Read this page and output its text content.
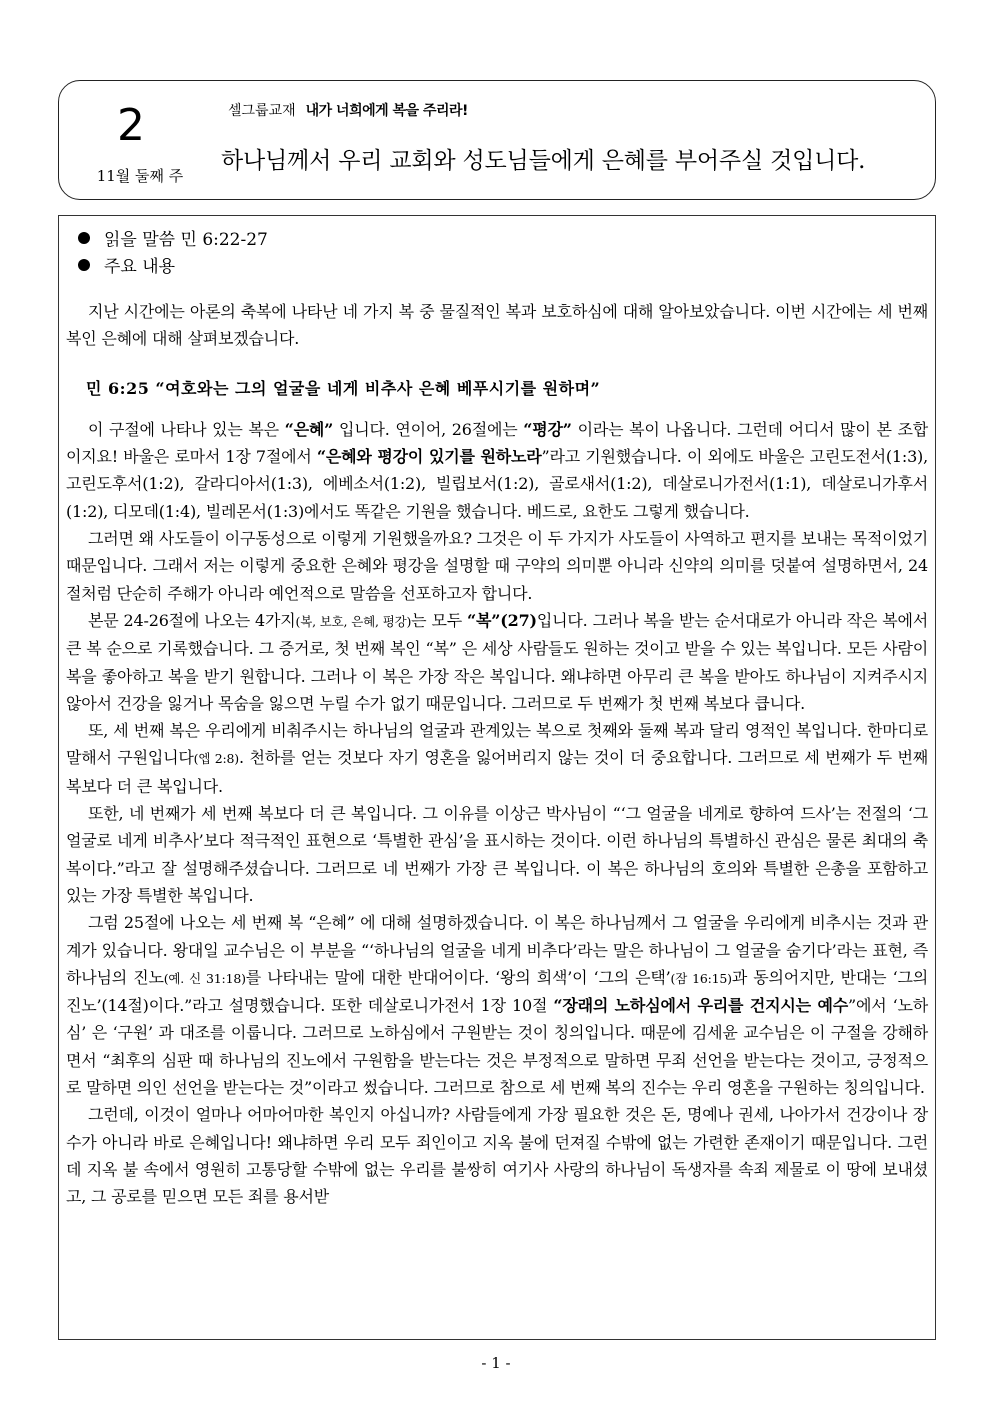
2
11월 둘째 주
셀그룹교재 내가 너희에게 복을 주리라!
하나님께서 우리 교회와 성도님들에게 은혜를 부어주실 것입니다.
읽을 말씀 민 6:22-27
주요 내용

지난 시간에는 아론의 축복에 나타난 네 가지 복 중 물질적인 복과 보호하심에 대해 알아보았습니다. 이번 시간에는 세 번째 복인 은혜에 대해 살펴보겠습니다.

민 6:25 “여호와는 그의 얼굴을 네게 비추사 은혜 베푸시기를 원하며”

이 구절에 나타나 있는 복은 “은혜” 입니다. 연이어, 26절에는 “평강” 이라는 복이 나옵니다. 그런데 어디서 많이 본 조합이지요! 바울은 로마서 1장 7절에서 “은혜와 평강이 있기를 원하노라”라고 기원했습니다. 이 외에도 바울은 고린도전서(1:3), 고린도후서(1:2), 갈라디아서(1:3), 에베소서(1:2), 빌립보서(1:2), 골로새서(1:2), 데살로니가전서(1:1), 데살로니가후서(1:2), 디모데(1:4), 빌레몬서(1:3)에서도 똑같은 기원을 했습니다. 베드로, 요한도 그렇게 했습니다.

그러면 왜 사도들이 이구동성으로 이렇게 기원했을까요? 그것은 이 두 가지가 사도들이 사역하고 편지를 보내는 목적이었기 때문입니다. 그래서 저는 이렇게 중요한 은혜와 평강을 설명할 때 구약의 의미뿐 아니라 신약의 의미를 덧붙여 설명하면서, 24절처럼 단순히 주해가 아니라 예언적으로 말씀을 선포하고자 합니다.

본문 24-26절에 나오는 4가지(복, 보호, 은혜, 평강)는 모두 “복”(27)입니다. 그러나 복을 받는 순서대로가 아니라 작은 복에서 큰 복 순으로 기록했습니다. 그 증거로, 첫 번째 복인 “복” 은 세상 사람들도 원하는 것이고 받을 수 있는 복입니다. 모든 사람이 복을 좋아하고 복을 받기 원합니다. 그러나 이 복은 가장 작은 복입니다. 왜냐하면 아무리 큰 복을 받아도 하나님이 지켜주시지 않아서 건강을 잃거나 목숨을 잃으면 누릴 수가 없기 때문입니다. 그러므로 두 번째가 첫 번째 복보다 큽니다.

또, 세 번째 복은 우리에게 비춰주시는 하나님의 얼굴과 관계있는 복으로 첫째와 둘째 복과 달리 영적인 복입니다. 한마디로 말해서 구원입니다(엡 2:8). 천하를 얻는 것보다 자기 영혼을 잃어버리지 않는 것이 더 중요합니다. 그러므로 세 번째가 두 번째 복보다 더 큰 복입니다.

또한, 네 번째가 세 번째 복보다 더 큰 복입니다. 그 이유를 이상근 박사님이 “‘그 얼굴을 네게로 향하여 드사’는 전절의 ‘그 얼굴로 네게 비추사’보다 적극적인 표현으로 ‘특별한 관심’을 표시하는 것이다. 이런 하나님의 특별하신 관심은 물론 최대의 축복이다.”라고 잘 설명해주셨습니다. 그러므로 네 번째가 가장 큰 복입니다. 이 복은 하나님의 호의와 특별한 은총을 포함하고 있는 가장 특별한 복입니다.

그럼 25절에 나오는 세 번째 복 “은혜” 에 대해 설명하겠습니다. 이 복은 하나님께서 그 얼굴을 우리에게 비추시는 것과 관계가 있습니다. 왕대일 교수님은 이 부분을 “‘하나님의 얼굴을 네게 비추다’라는 말은 하나님이 그 얼굴을 숨기다’라는 표현, 즉 하나님의 진노(예. 신 31:18)를 나타내는 말에 대한 반대어이다. ‘왕의 희색’이 ‘그의 은택’(잠 16:15)과 동의어지만, 반대는 ‘그의 진노’(14절)이다.”라고 설명했습니다. 또한 데살로니가전서 1장 10절 “장래의 노하심에서 우리를 건지시는 예수”에서 ‘노하심’ 은 ‘구원’ 과 대조를 이룹니다. 그러므로 노하심에서 구원받는 것이 칭의입니다. 때문에 김세윤 교수님은 이 구절을 강해하면서 “최후의 심판 때 하나님의 진노에서 구원함을 받는다는 것은 부정적으로 말하면 무죄 선언을 받는다는 것이고, 긍정적으로 말하면 의인 선언을 받는다는 것”이라고 썼습니다. 그러므로 참으로 세 번째 복의 진수는 우리 영혼을 구원하는 칭의입니다.

그런데, 이것이 얼마나 어마어마한 복인지 아십니까? 사람들에게 가장 필요한 것은 돈, 명예나 권세, 나아가서 건강이나 장수가 아니라 바로 은혜입니다! 왜냐하면 우리 모두 죄인이고 지옥 불에 던져질 수밖에 없는 가련한 존재이기 때문입니다. 그런데 지옥 불 속에서 영원히 고통당할 수밖에 없는 우리를 불쌍히 여기사 사랑의 하나님이 독생자를 속죄 제물로 이 땅에 보내셨고, 그 공로를 믿으면 모든 죄를 용서받

- 1 -
